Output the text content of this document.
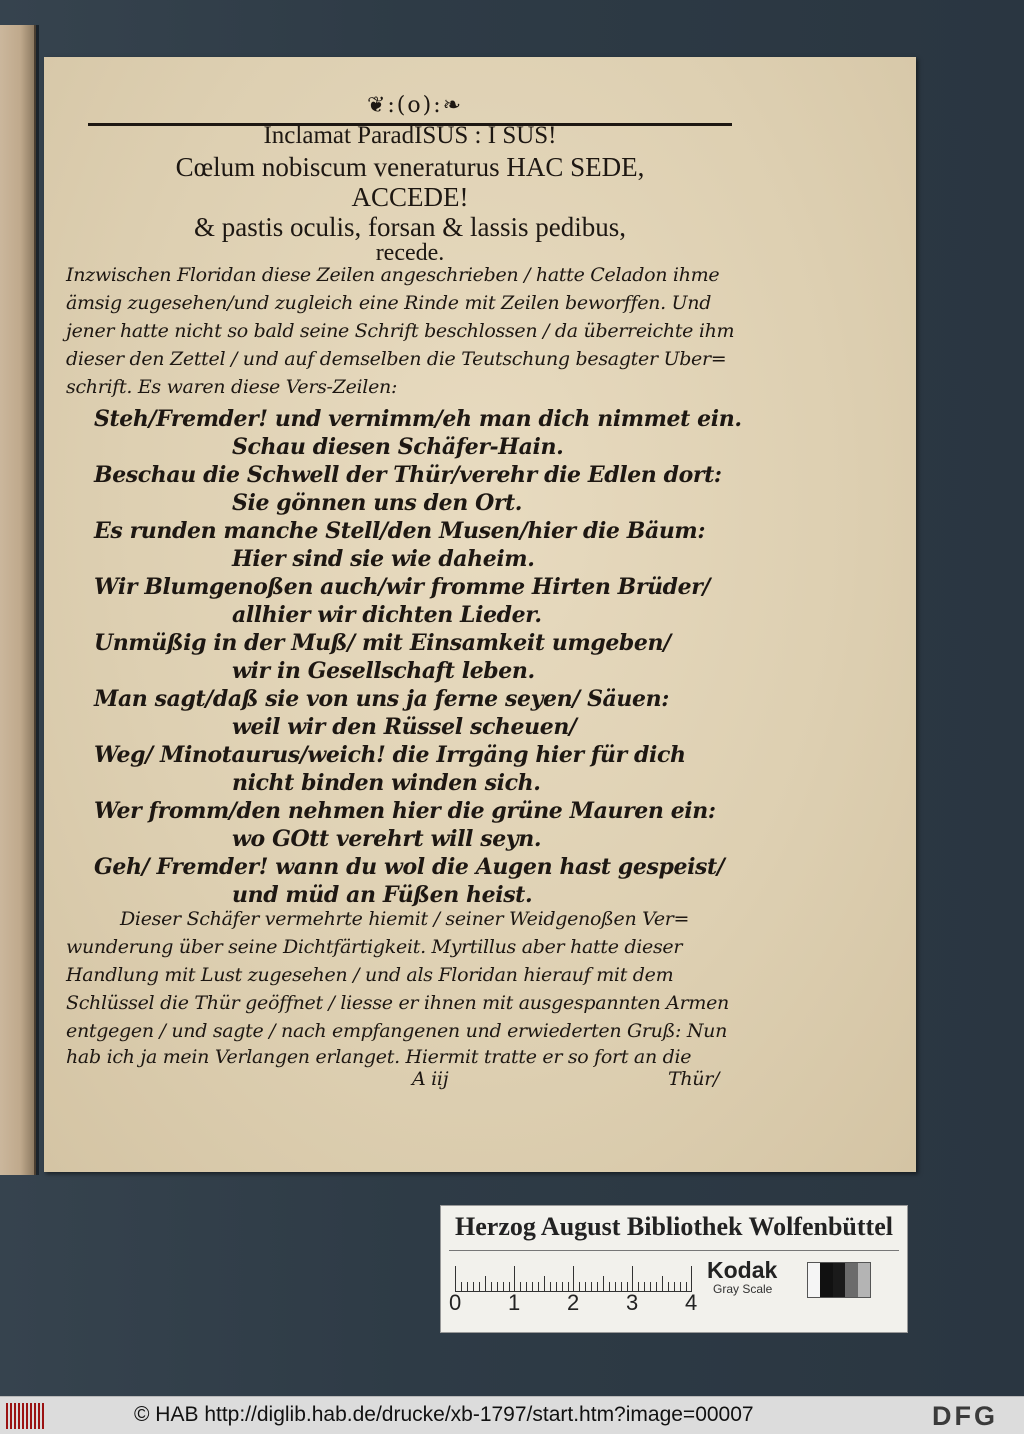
❦:(o):❧
Inclamat ParadISUS : I SUS!
Cœlum nobiscum veneraturus HAC SEDE,
ACCEDE!
& pastis oculis, forsan & lassis pedibus,
recede.
Inzwischen Floridan diese Zeilen angeschrieben / hatte Celadon ihme
ämsig zugesehen/und zugleich eine Rinde mit Zeilen beworffen. Und
jener hatte nicht so bald seine Schrift beschlossen / da überreichte ihm
dieser den Zettel / und auf demselben die Teutschung besagter Uber=
schrift. Es waren diese Vers-Zeilen:
Steh/Fremder! und vernimm/eh man dich nimmet ein.
Schau diesen Schäfer-Hain.
Beschau die Schwell der Thür/verehr die Edlen dort:
Sie gönnen uns den Ort.
Es runden manche Stell/den Musen/hier die Bäum:
Hier sind sie wie daheim.
Wir Blumgenoßen auch/wir fromme Hirten Brüder/
allhier wir dichten Lieder.
Unmüßig in der Muß/ mit Einsamkeit umgeben/
wir in Gesellschaft leben.
Man sagt/daß sie von uns ja ferne seyen/ Säuen:
weil wir den Rüssel scheuen/
Weg/ Minotaurus/weich! die Irrgäng hier für dich
nicht binden winden sich.
Wer fromm/den nehmen hier die grüne Mauren ein:
wo GOtt verehrt will seyn.
Geh/ Fremder! wann du wol die Augen hast gespeist/
und müd an Füßen heist.
Dieser Schäfer vermehrte hiemit / seiner Weidgenoßen Ver=
wunderung über seine Dichtfärtigkeit. Myrtillus aber hatte dieser
Handlung mit Lust zugesehen / und als Floridan hierauf mit dem
Schlüssel die Thür geöffnet / liesse er ihnen mit ausgespannten Armen
entgegen / und sagte / nach empfangenen und erwiederten Gruß: Nun
hab ich ja mein Verlangen erlanget. Hiermit tratte er so fort an die
A iij	Thür/
Herzog August Bibliothek Wolfenbüttel
0 1 2 3 4
Kodak
Gray Scale
© HAB http://diglib.hab.de/drucke/xb-1797/start.htm?image=00007	DFG
